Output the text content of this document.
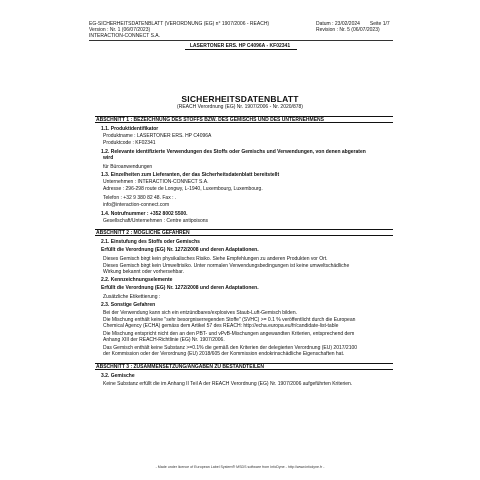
EG-SICHERHEITSDATENBLATT (VERORDNUNG (EG) n° 1907/2006 - REACH)
Version : Nr. 1 (06/07/2023)
INTERACTION-CONNECT S.A.
Datum : 23/02/2024 Seite 1/7
Revision : Nr. 5 (06/07/2023)
LASERTONER ERS. HP C4096A - KF02341
SICHERHEITSDATENBLATT
(REACH Verordnung (EG) Nr. 1907/2006 - Nr. 2020/878)
ABSCHNITT 1 : BEZEICHNUNG DES STOFFS BZW. DES GEMISCHS UND DES UNTERNEHMENS
1.1. Produktidentifikator
Produktname : LASERTONER ERS. HP C4096A
Produktcode : KF02341
1.2. Relevante identifizierte Verwendungen des Stoffs oder Gemischs und Verwendungen, von denen abgeraten
wird
für Büroanwendungen
1.3. Einzelheiten zum Lieferanten, der das Sicherheitsdatenblatt bereitstellt
Unternehmen : INTERACTION-CONNECT S.A.
Adresse : 296-298 route de Longwy, L-1940, Luxembourg, Luxembourg.
Telefon : +32 9 380 82 48. Fax : .
info@interaction-connect.com
1.4. Notrufnummer : +352 8002 5500.
Gesellschaft/Unternehmen : Centre antipoisons
ABSCHNITT 2 : MÖGLICHE GEFAHREN
2.1. Einstufung des Stoffs oder Gemischs
Erfüllt die Verordnung (EG) Nr. 1272/2008 und deren Adaptationen.
Dieses Gemisch birgt kein physikalisches Risiko. Siehe Empfehlungen zu anderen Produkten vor Ort.
Dieses Gemisch birgt kein Umweltrisiko. Unter normalen Verwendungsbedingungen ist keine umweltschädliche
Wirkung bekannt oder vorhersehbar.
2.2. Kennzeichnungselemente
Erfüllt die Verordnung (EG) Nr. 1272/2008 und deren Adaptationen.
Zusätzliche Etikettierung :
2.3. Sonstige Gefahren
Bei der Verwendung kann sich ein entzündbares/explosives Staub-Luft-Gemisch bilden.
Die Mischung enthält keine "sehr besorgniserregenden Stoffe" (SVHC) >= 0.1 % veröffentlicht durch die European
Chemical Agency (ECHA) gemäss dem Artikel 57 des REACH: http://echa.europa.eu/fr/candidate-list-table
Die Mischung entspricht nicht den an den PBT- und vPvB-Mischungen angewandten Kriterien, entsprechend dem
Anhang XIII der REACH-Richtlinie (EG) Nr. 1907/2006.
Das Gemisch enthält keine Substanz >=0.1% die gemäß den Kriterien der delegierten Verordnung (EU) 2017/2100
der Kommission oder der Verordnung (EU) 2018/605 der Kommission endokrinschädliche Eigenschaften hat.
ABSCHNITT 3 : ZUSAMMENSETZUNG/ANGABEN ZU BESTANDTEILEN
3.2. Gemische
Keine Substanz erfüllt die im Anhang II Teil A der REACH Verordnung (EG) Nr. 1907/2006 aufgeführten Kriterien.
- Made under licence of European Label System® MSDS software from InfoDyne - http://www.infodyne.fr -
